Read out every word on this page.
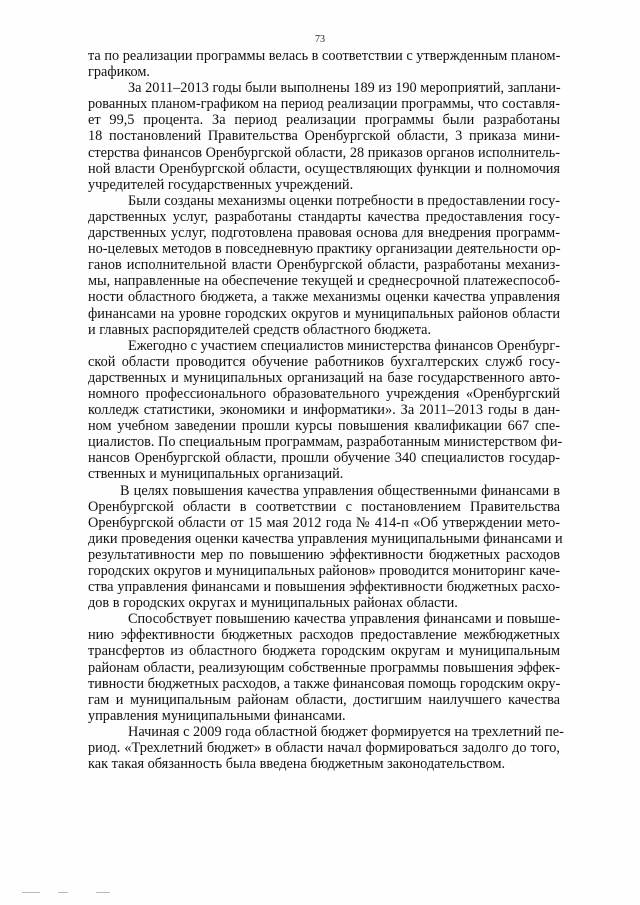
73
та по реализации программы велась в соответствии с утвержденным планом-
графиком.
За 2011–2013 годы были выполнены 189 из 190 мероприятий, заплани-
рованных планом-графиком на период реализации программы, что составля-
ет 99,5 процента. За период реализации программы были разработаны
18 постановлений Правительства Оренбургской области, 3 приказа мини-
стерства финансов Оренбургской области, 28 приказов органов исполнитель-
ной власти Оренбургской области, осуществляющих функции и полномочия
учредителей государственных учреждений.
Были созданы механизмы оценки потребности в предоставлении госу-
дарственных услуг, разработаны стандарты качества предоставления госу-
дарственных услуг, подготовлена правовая основа для внедрения программ-
но-целевых методов в повседневную практику организации деятельности ор-
ганов исполнительной власти Оренбургской области, разработаны механиз-
мы, направленные на обеспечение текущей и среднесрочной платежеспособ-
ности областного бюджета, а также механизмы оценки качества управления
финансами на уровне городских округов и муниципальных районов области
и главных распорядителей средств областного бюджета.
Ежегодно с участием специалистов министерства финансов Оренбург-
ской области проводится обучение работников бухгалтерских служб госу-
дарственных и муниципальных организаций на базе государственного авто-
номного профессионального образовательного учреждения «Оренбургский
колледж статистики, экономики и информатики». За 2011–2013 годы в дан-
ном учебном заведении прошли курсы повышения квалификации 667 спе-
циалистов. По специальным программам, разработанным министерством фи-
нансов Оренбургской области, прошли обучение 340 специалистов государ-
ственных и муниципальных организаций.
В целях повышения качества управления общественными финансами в
Оренбургской области в соответствии с постановлением Правительства
Оренбургской области от 15 мая 2012 года № 414-п «Об утверждении мето-
дики проведения оценки качества управления муниципальными финансами и
результативности мер по повышению эффективности бюджетных расходов
городских округов и муниципальных районов» проводится мониторинг каче-
ства управления финансами и повышения эффективности бюджетных расхо-
дов в городских округах и муниципальных районах области.
Способствует повышению качества управления финансами и повыше-
нию эффективности бюджетных расходов предоставление межбюджетных
трансфертов из областного бюджета городским округам и муниципальным
районам области, реализующим собственные программы повышения эффек-
тивности бюджетных расходов, а также финансовая помощь городским окру-
гам и муниципальным районам области, достигшим наилучшего качества
управления муниципальными финансами.
Начиная с 2009 года областной бюджет формируется на трехлетний пе-
риод. «Трехлетний бюджет» в области начал формироваться задолго до того,
как такая обязанность была введена бюджетным законодательством.
